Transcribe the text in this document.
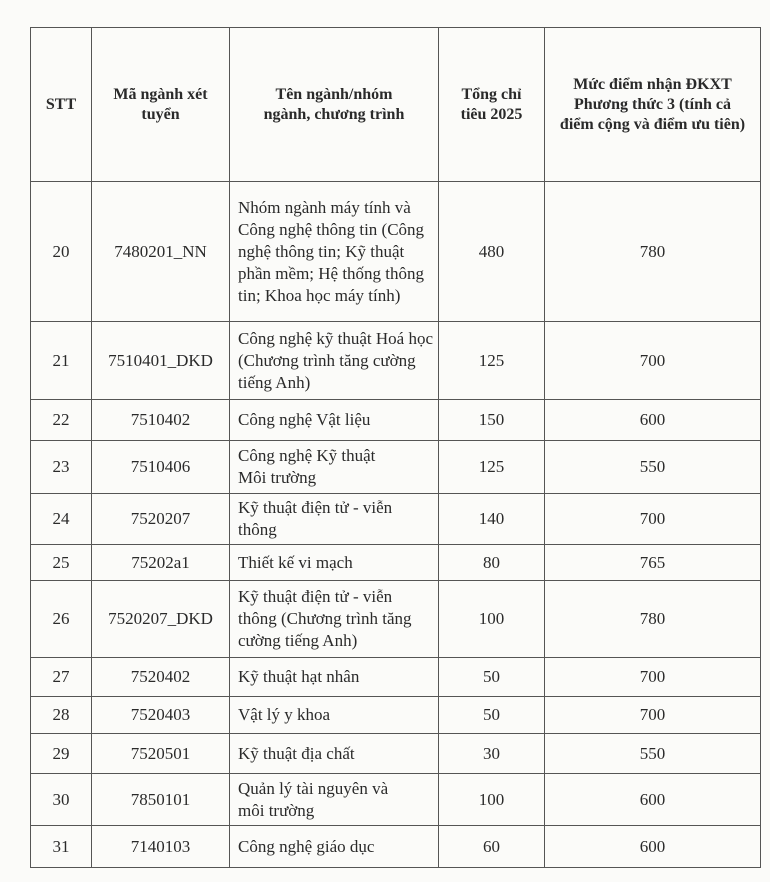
STT	Mã ngành xét tuyển	Tên ngành/nhóm ngành, chương trình	Tổng chỉ tiêu 2025	Mức điểm nhận ĐKXT Phương thức 3 (tính cả điểm cộng và điểm ưu tiên)
20	7480201_NN	Nhóm ngành máy tính và Công nghệ thông tin (Công nghệ thông tin; Kỹ thuật phần mềm; Hệ thống thông tin; Khoa học máy tính)	480	780
21	7510401_DKD	Công nghệ kỹ thuật Hoá học (Chương trình tăng cường tiếng Anh)	125	700
22	7510402	Công nghệ Vật liệu	150	600
23	7510406	Công nghệ Kỹ thuật Môi trường	125	550
24	7520207	Kỹ thuật điện tử - viễn thông	140	700
25	75202a1	Thiết kế vi mạch	80	765
26	7520207_DKD	Kỹ thuật điện tử - viễn thông (Chương trình tăng cường tiếng Anh)	100	780
27	7520402	Kỹ thuật hạt nhân	50	700
28	7520403	Vật lý y khoa	50	700
29	7520501	Kỹ thuật địa chất	30	550
30	7850101	Quản lý tài nguyên và môi trường	100	600
31	7140103	Công nghệ giáo dục	60	600
